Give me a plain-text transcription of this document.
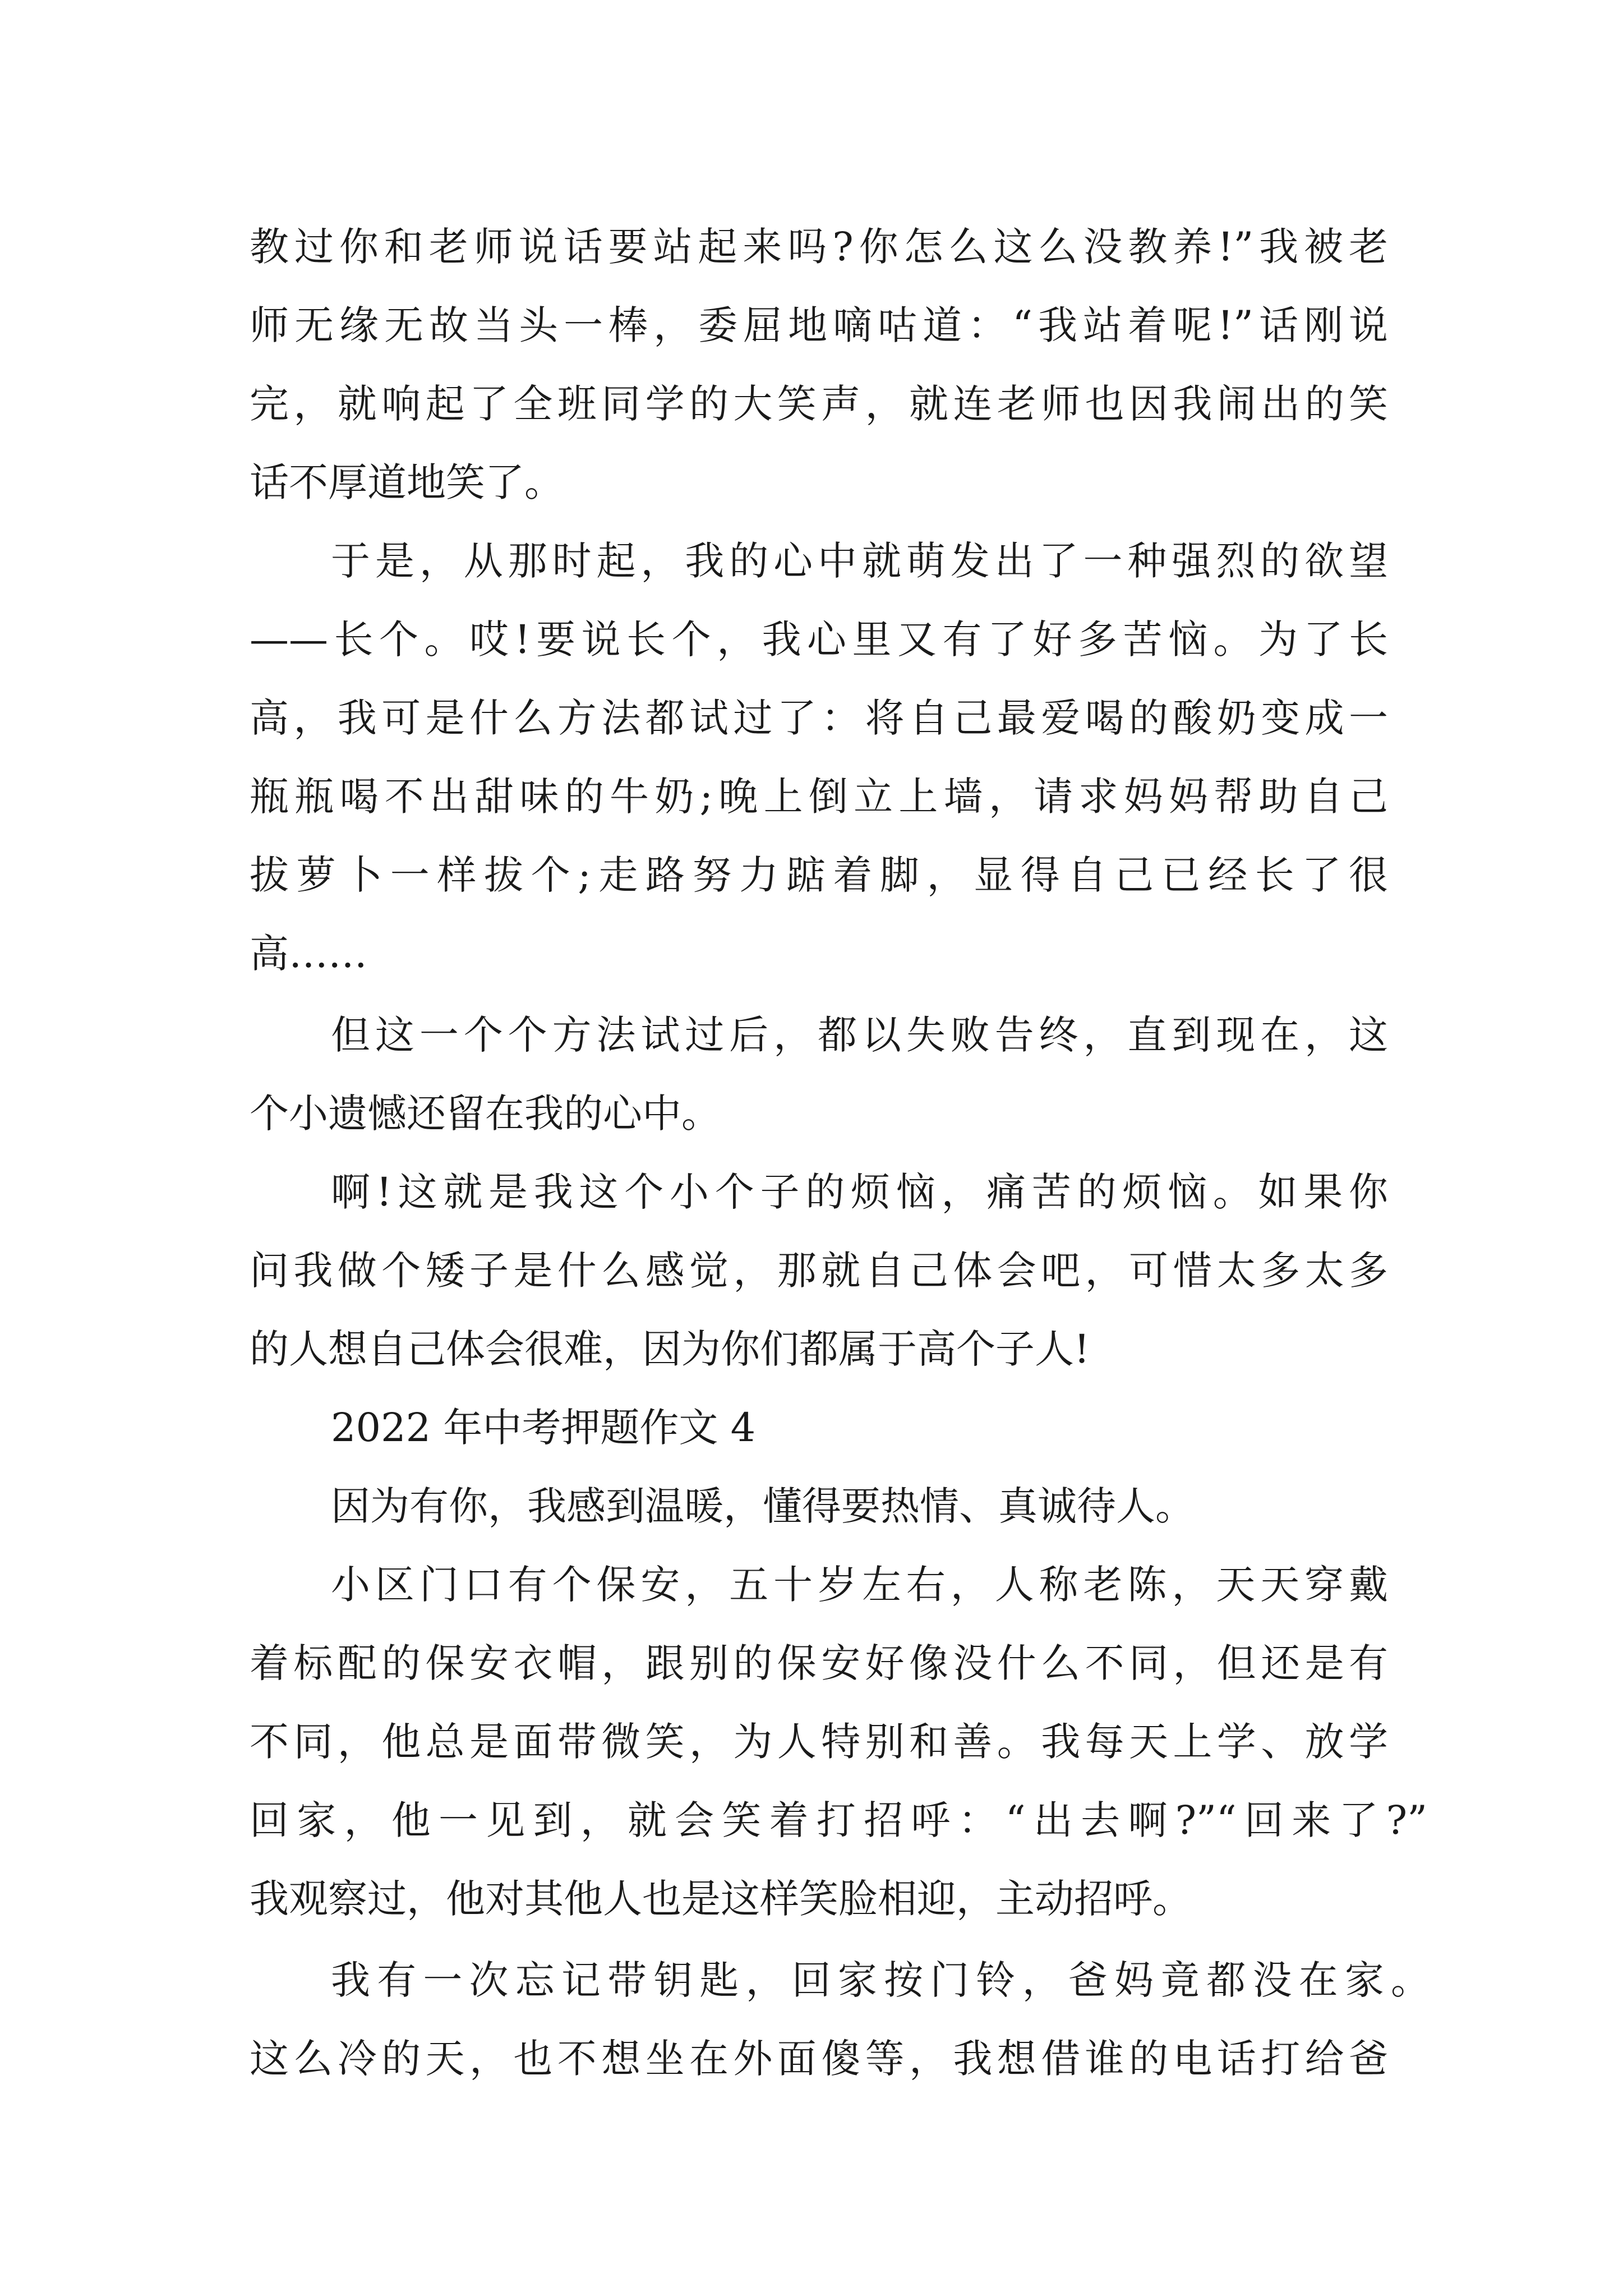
教过你和老师说话要站起来吗?你怎么这么没教养!”我被老
师无缘无故当头一棒，委屈地嘀咕道：“我站着呢!”话刚说
完，就响起了全班同学的大笑声，就连老师也因我闹出的笑
话不厚道地笑了。
于是，从那时起，我的心中就萌发出了一种强烈的欲望
——长个。哎!要说长个，我心里又有了好多苦恼。为了长
高，我可是什么方法都试过了：将自己最爱喝的酸奶变成一
瓶瓶喝不出甜味的牛奶;晚上倒立上墙，请求妈妈帮助自己
拔萝卜一样拔个;走路努力踮着脚，显得自己已经长了很
高……
但这一个个方法试过后，都以失败告终，直到现在，这
个小遗憾还留在我的心中。
啊!这就是我这个小个子的烦恼，痛苦的烦恼。如果你
问我做个矮子是什么感觉，那就自己体会吧，可惜太多太多
的人想自己体会很难，因为你们都属于高个子人!
2022 年中考押题作文 4
因为有你，我感到温暖，懂得要热情、真诚待人。
小区门口有个保安，五十岁左右，人称老陈，天天穿戴
着标配的保安衣帽，跟别的保安好像没什么不同，但还是有
不同，他总是面带微笑，为人特别和善。我每天上学、放学
回家，他一见到，就会笑着打招呼：“出去啊?”“回来了?”
我观察过，他对其他人也是这样笑脸相迎，主动招呼。
我有一次忘记带钥匙，回家按门铃，爸妈竟都没在家。
这么冷的天，也不想坐在外面傻等，我想借谁的电话打给爸
